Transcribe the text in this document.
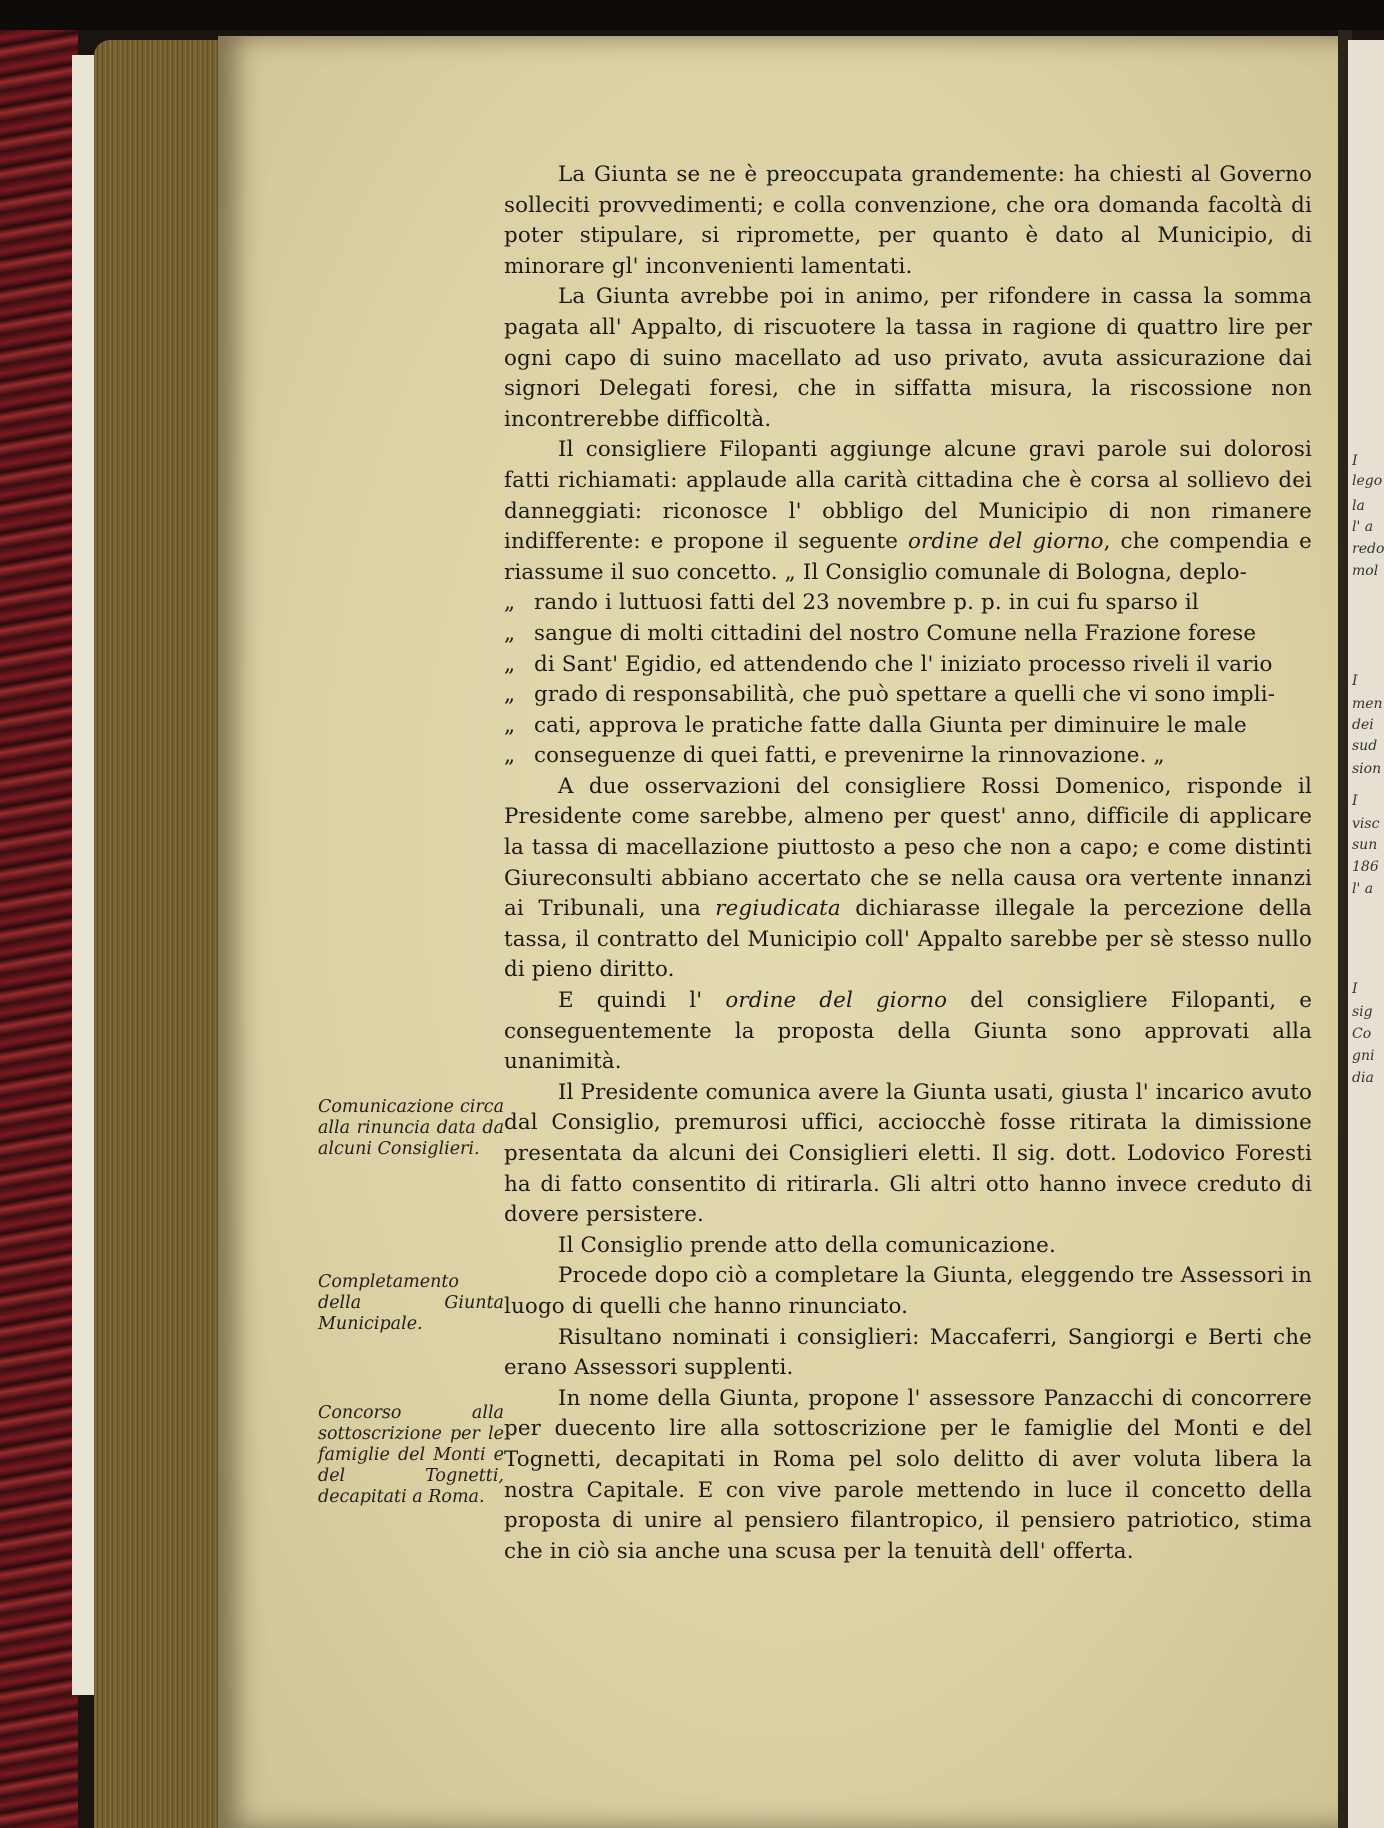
I
lego
la
l' a
redo
mol
I
men
dei
sud
sion
I
visc
sun
186
l' a
I
sig
Co
gni
dia

La Giunta se ne è preoccupata grandemente: ha chiesti al Governo solleciti provvedimenti; e colla convenzione, che ora domanda facoltà di poter stipulare, si ripromette, per quanto è dato al Municipio, di minorare gl' inconvenienti lamentati.

La Giunta avrebbe poi in animo, per rifondere in cassa la somma pagata all' Appalto, di riscuotere la tassa in ragione di quattro lire per ogni capo di suino macellato ad uso privato, avuta assicurazione dai signori Delegati foresi, che in siffatta misura, la riscossione non incontrerebbe difficoltà.

Il consigliere Filopanti aggiunge alcune gravi parole sui dolorosi fatti richiamati: applaude alla carità cittadina che è corsa al sollievo dei danneggiati: riconosce l' obbligo del Municipio di non rimanere indifferente: e propone il seguente ordine del giorno, che compendia e riassume il suo concetto. „ Il Consiglio comunale di Bologna, deplo-

„ rando i luttuosi fatti del 23 novembre p. p. in cui fu sparso il

„ sangue di molti cittadini del nostro Comune nella Frazione forese

„ di Sant' Egidio, ed attendendo che l' iniziato processo riveli il vario

„ grado di responsabilità, che può spettare a quelli che vi sono impli-

„ cati, approva le pratiche fatte dalla Giunta per diminuire le male

„ conseguenze di quei fatti, e prevenirne la rinnovazione. „

A due osservazioni del consigliere Rossi Domenico, risponde il Presidente come sarebbe, almeno per quest' anno, difficile di applicare la tassa di macellazione piuttosto a peso che non a capo; e come distinti Giureconsulti abbiano accertato che se nella causa ora vertente innanzi ai Tribunali, una regiudicata dichiarasse illegale la percezione della tassa, il contratto del Municipio coll' Appalto sarebbe per sè stesso nullo di pieno diritto.

E quindi l' ordine del giorno del consigliere Filopanti, e conseguentemente la proposta della Giunta sono approvati alla unanimità.

Il Presidente comunica avere la Giunta usati, giusta l' incarico avuto dal Consiglio, premurosi uffici, acciocchè fosse ritirata la dimissione presentata da alcuni dei Consiglieri eletti. Il sig. dott. Lodovico Foresti ha di fatto consentito di ritirarla. Gli altri otto hanno invece creduto di dovere persistere.

Il Consiglio prende atto della comunicazione.

Procede dopo ciò a completare la Giunta, eleggendo tre Assessori in luogo di quelli che hanno rinunciato.

Risultano nominati i consiglieri: Maccaferri, Sangiorgi e Berti che erano Assessori supplenti.

In nome della Giunta, propone l' assessore Panzacchi di concorrere per duecento lire alla sottoscrizione per le famiglie del Monti e del Tognetti, decapitati in Roma pel solo delitto di aver voluta libera la nostra Capitale. E con vive parole mettendo in luce il concetto della proposta di unire al pensiero filantropico, il pensiero patriotico, stima che in ciò sia anche una scusa per la tenuità dell' offerta.

Comunicazione circa alla rinuncia data da alcuni Consiglieri.
Completamento della Giunta Municipale.
Concorso alla sottoscrizione per le famiglie del Monti e del Tognetti, decapitati a Roma.
